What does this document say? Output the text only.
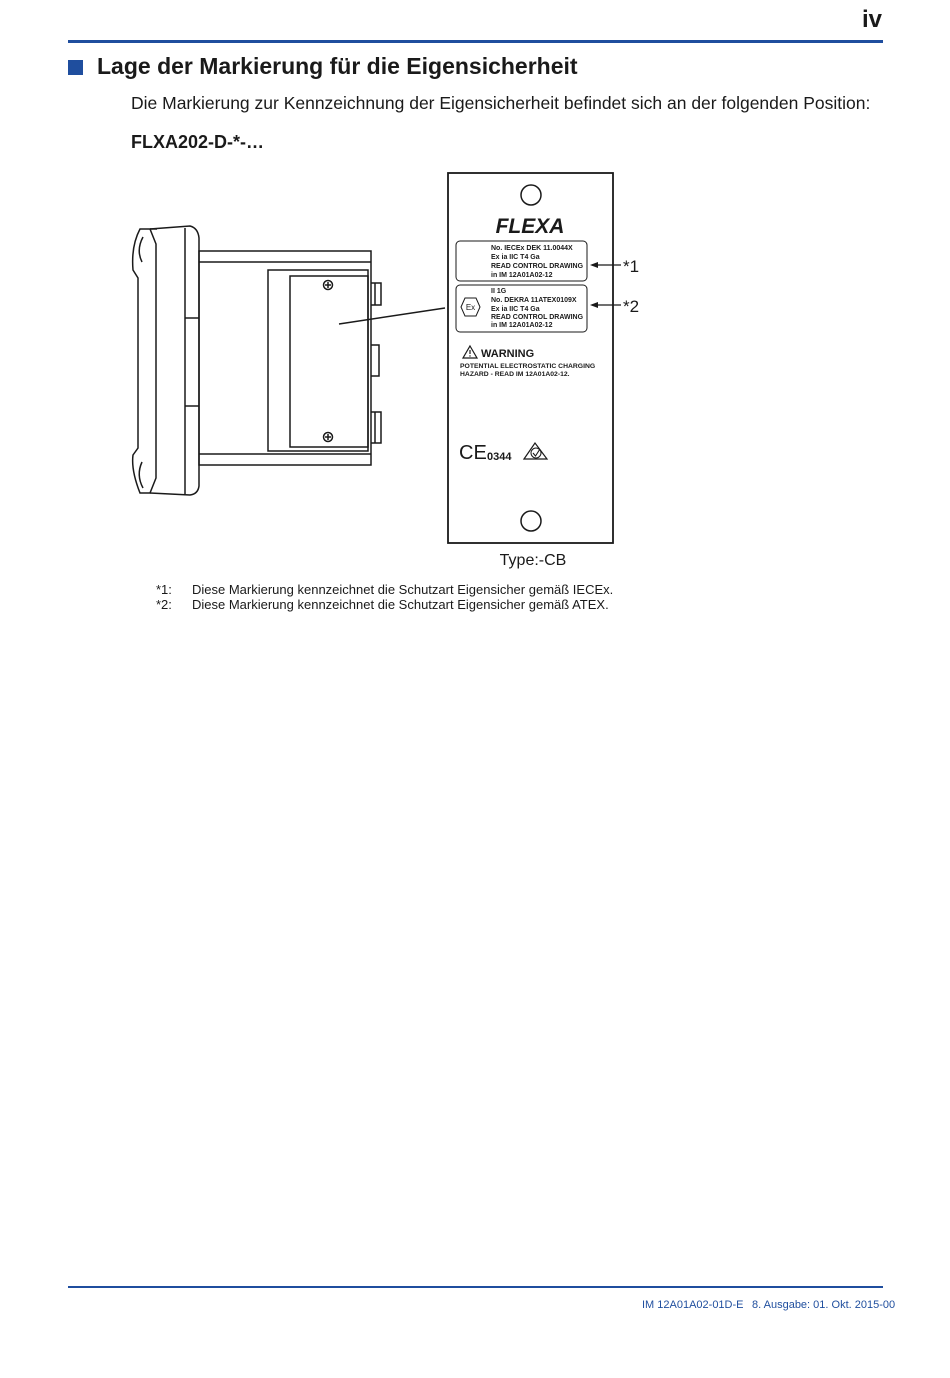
iv
Lage der Markierung für die Eigensicherheit
Die Markierung zur Kennzeichnung der Eigensicherheit befindet sich an der folgenden Position:
FLXA202-D-*-…
FLEXA
No. IECEx DEK 11.0044X
Ex ia IIC T4 Ga
READ CONTROL DRAWING
in IM 12A01A02-12
Ex
II 1G
No. DEKRA 11ATEX0109X
Ex ia IIC T4 Ga
READ CONTROL DRAWING
in IM 12A01A02-12
WARNING
POTENTIAL ELECTROSTATIC CHARGING
HAZARD - READ IM 12A01A02-12.
CE 0344
*1
*2
Type:-CB
*1: Diese Markierung kennzeichnet die Schutzart Eigensicher gemäß IECEx.
*2: Diese Markierung kennzeichnet die Schutzart Eigensicher gemäß ATEX.
IM 12A01A02-01D-E 8. Ausgabe: 01. Okt. 2015-00
